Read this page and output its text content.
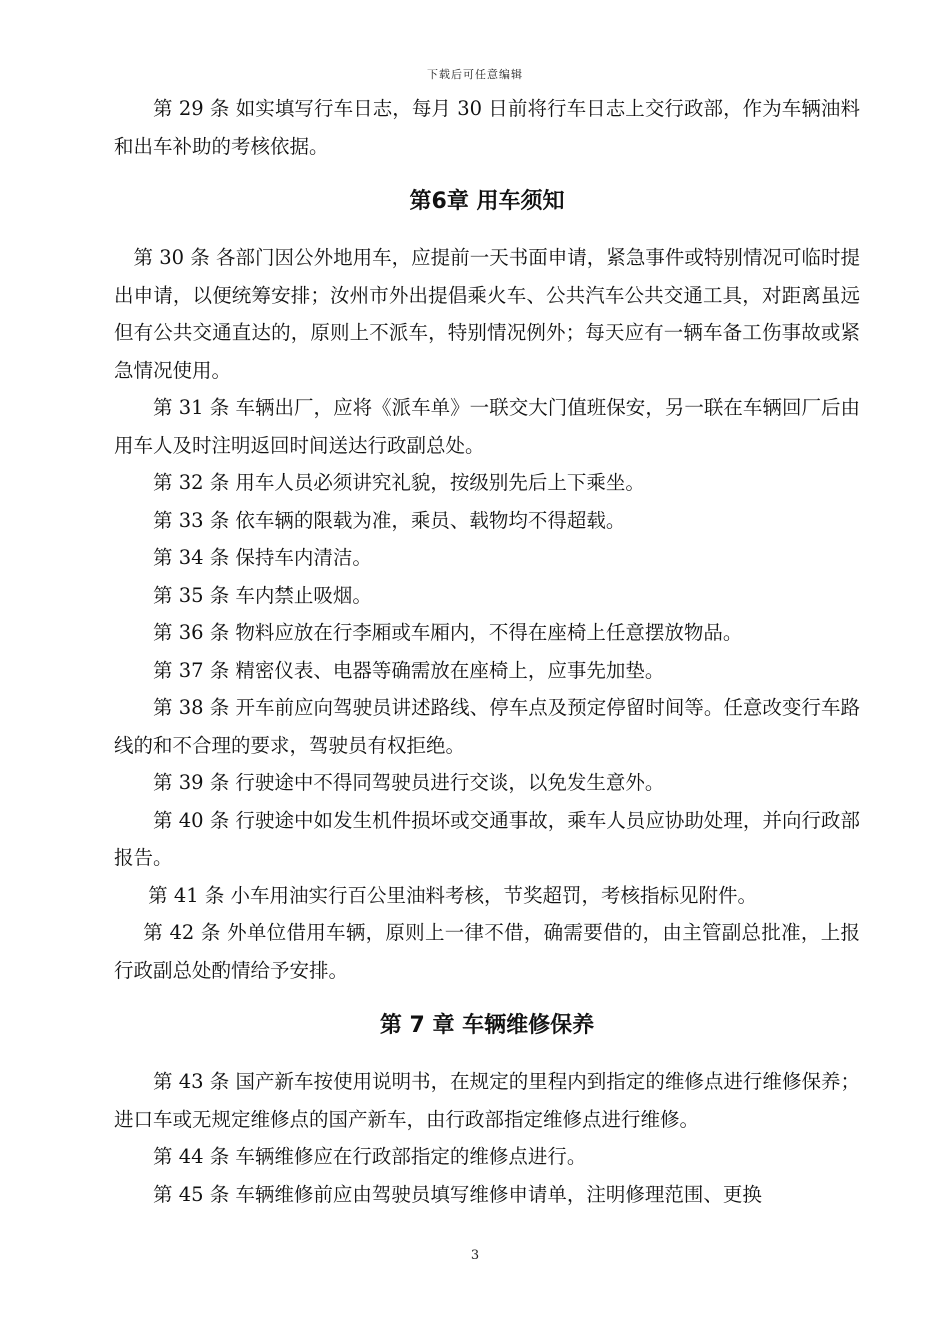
下载后可任意编辑

第 29 条 如实填写行车日志，每月 30 日前将行车日志上交行政部，作为车辆油料和出车补助的考核依据。

第6章 用车须知

第 30 条 各部门因公外地用车，应提前一天书面申请，紧急事件或特别情况可临时提出申请，以便统筹安排；汝州市外出提倡乘火车、公共汽车公共交通工具，对距离虽远但有公共交通直达的，原则上不派车，特别情况例外；每天应有一辆车备工伤事故或紧急情况使用。

第 31 条 车辆出厂，应将《派车单》一联交大门值班保安，另一联在车辆回厂后由用车人及时注明返回时间送达行政副总处。

第 32 条 用车人员必须讲究礼貌，按级别先后上下乘坐。

第 33 条 依车辆的限载为准，乘员、载物均不得超载。

第 34 条 保持车内清洁。

第 35 条 车内禁止吸烟。

第 36 条 物料应放在行李厢或车厢内，不得在座椅上任意摆放物品。

第 37 条 精密仪表、电器等确需放在座椅上，应事先加垫。

第 38 条 开车前应向驾驶员讲述路线、停车点及预定停留时间等。任意改变行车路线的和不合理的要求，驾驶员有权拒绝。

第 39 条 行驶途中不得同驾驶员进行交谈，以免发生意外。

第 40 条 行驶途中如发生机件损坏或交通事故，乘车人员应协助处理，并向行政部报告。

第 41 条 小车用油实行百公里油料考核，节奖超罚，考核指标见附件。

第 42 条 外单位借用车辆，原则上一律不借，确需要借的，由主管副总批准，上报行政副总处酌情给予安排。

第 7 章 车辆维修保养

第 43 条 国产新车按使用说明书，在规定的里程内到指定的维修点进行维修保养；进口车或无规定维修点的国产新车，由行政部指定维修点进行维修。

第 44 条 车辆维修应在行政部指定的维修点进行。

第 45 条 车辆维修前应由驾驶员填写维修申请单，注明修理范围、更换

3
